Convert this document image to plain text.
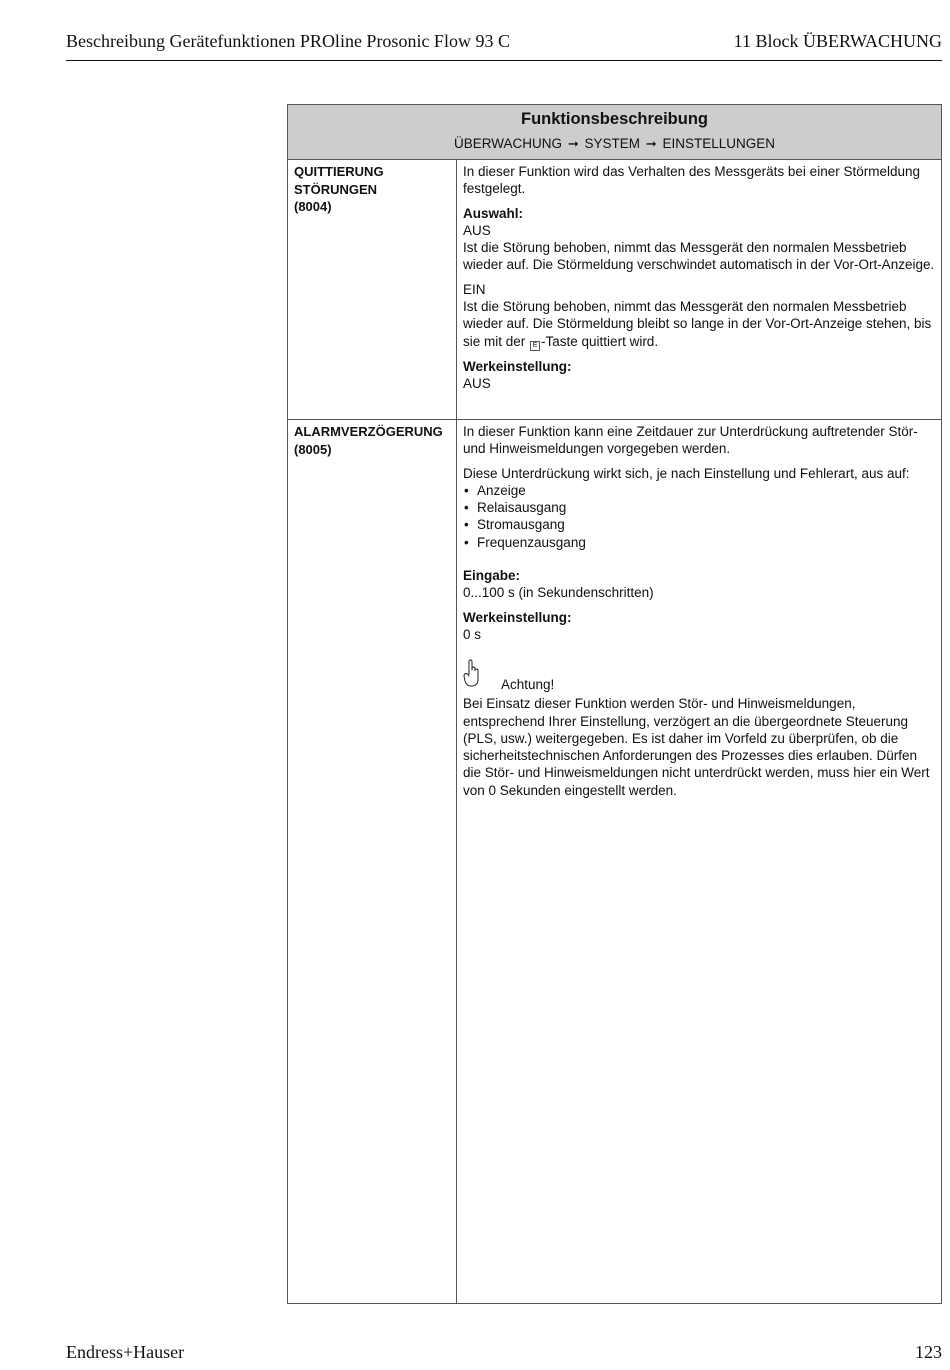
Beschreibung Gerätefunktionen PROline Prosonic Flow 93 C	11 Block ÜBERWACHUNG
Funktionsbeschreibung
ÜBERWACHUNG ➞ SYSTEM ➞ EINSTELLUNGEN
QUITTIERUNG
STÖRUNGEN
(8004)

In dieser Funktion wird das Verhalten des Messgeräts bei einer Störmeldung festgelegt.

Auswahl:
AUS
Ist die Störung behoben, nimmt das Messgerät den normalen Messbetrieb wieder auf. Die Störmeldung verschwindet automatisch in der Vor-Ort-Anzeige.

EIN
Ist die Störung behoben, nimmt das Messgerät den normalen Messbetrieb wieder auf. Die Störmeldung bleibt so lange in der Vor-Ort-Anzeige stehen, bis sie mit der E -Taste quittiert wird.

Werkeinstellung:
AUS

ALARMVERZÖGERUNG
(8005)

In dieser Funktion kann eine Zeitdauer zur Unterdrückung auftretender Stör- und Hinweismeldungen vorgegeben werden.

Diese Unterdrückung wirkt sich, je nach Einstellung und Fehlerart, aus auf:
• Anzeige
• Relaisausgang
• Stromausgang
• Frequenzausgang

Eingabe:
0...100 s (in Sekundenschritten)

Werkeinstellung:
0 s

Achtung!

Bei Einsatz dieser Funktion werden Stör- und Hinweismeldungen, entsprechend Ihrer Einstellung, verzögert an die übergeordnete Steuerung (PLS, usw.) weitergegeben. Es ist daher im Vorfeld zu überprüfen, ob die sicherheitstechnischen Anforderungen des Prozesses dies erlauben. Dürfen die Stör- und Hinweismeldungen nicht unterdrückt werden, muss hier ein Wert von 0 Sekunden eingestellt werden.

Endress+Hauser	123
